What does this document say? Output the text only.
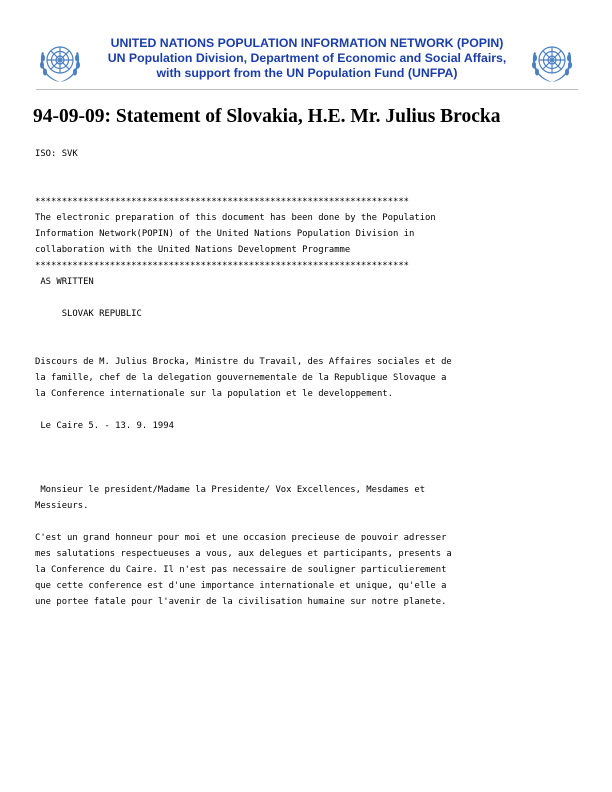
UNITED NATIONS POPULATION INFORMATION NETWORK (POPIN)
UN Population Division, Department of Economic and Social Affairs,
with support from the UN Population Fund (UNFPA)
94-09-09: Statement of Slovakia, H.E. Mr. Julius Brocka
ISO: SVK
**********************************************************************
The electronic preparation of this document has been done by the Population
Information Network(POPIN) of the United Nations Population Division in
collaboration with the United Nations Development Programme
**********************************************************************
AS WRITTEN
SLOVAK REPUBLIC
Discours de M. Julius Brocka, Ministre du Travail, des Affaires sociales et de
la famille, chef de la delegation gouvernementale de la Republique Slovaque a
la Conference internationale sur la population et le developpement.
Le Caire 5. - 13. 9. 1994
Monsieur le president/Madame la Presidente/ Vox Excellences, Mesdames et
Messieurs.
C'est un grand honneur pour moi et une occasion precieuse de pouvoir adresser
mes salutations respectueuses a vous, aux delegues et participants, presents a
la Conference du Caire. Il n'est pas necessaire de souligner particulierement
que cette conference est d'une importance internationale et unique, qu'elle a
une portee fatale pour l'avenir de la civilisation humaine sur notre planete.
